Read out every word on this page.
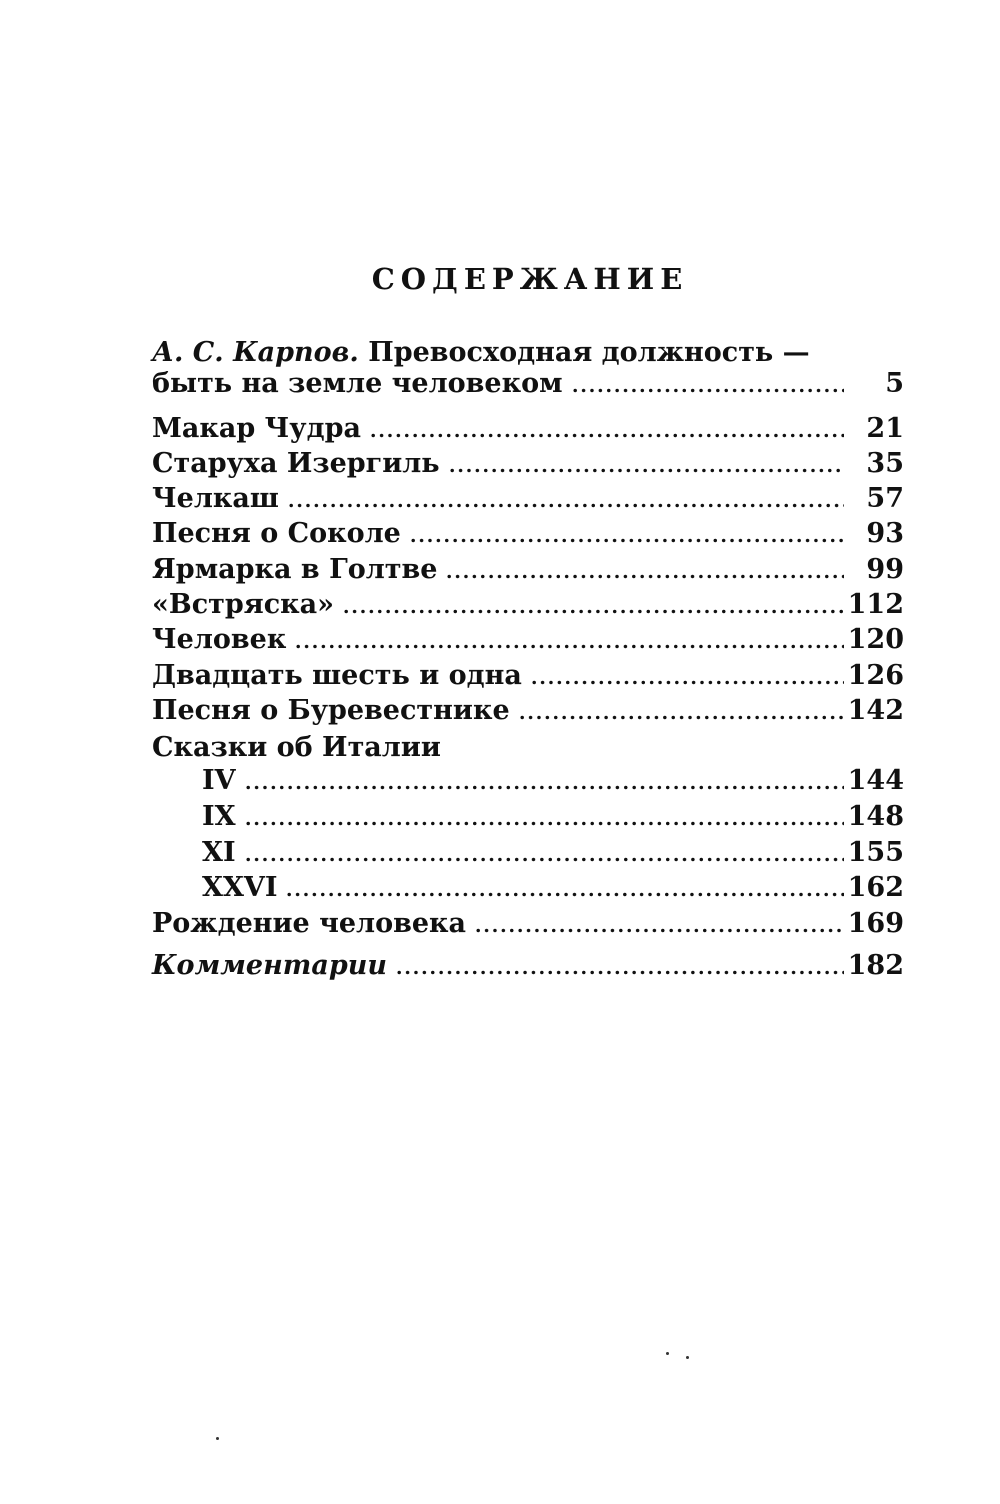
СОДЕРЖАНИЕ
А. С. Карпов. Превосходная должность —
быть на земле человеком	5
Макар Чудра	21
Старуха Изергиль	35
Челкаш	57
Песня о Соколе	93
Ярмарка в Голтве	99
«Встряска»	112
Человек	120
Двадцать шесть и одна	126
Песня о Буревестнике	142
Сказки об Италии
IV	144
IX	148
XI	155
XXVI	162
Рождение человека	169
Комментарии	182
